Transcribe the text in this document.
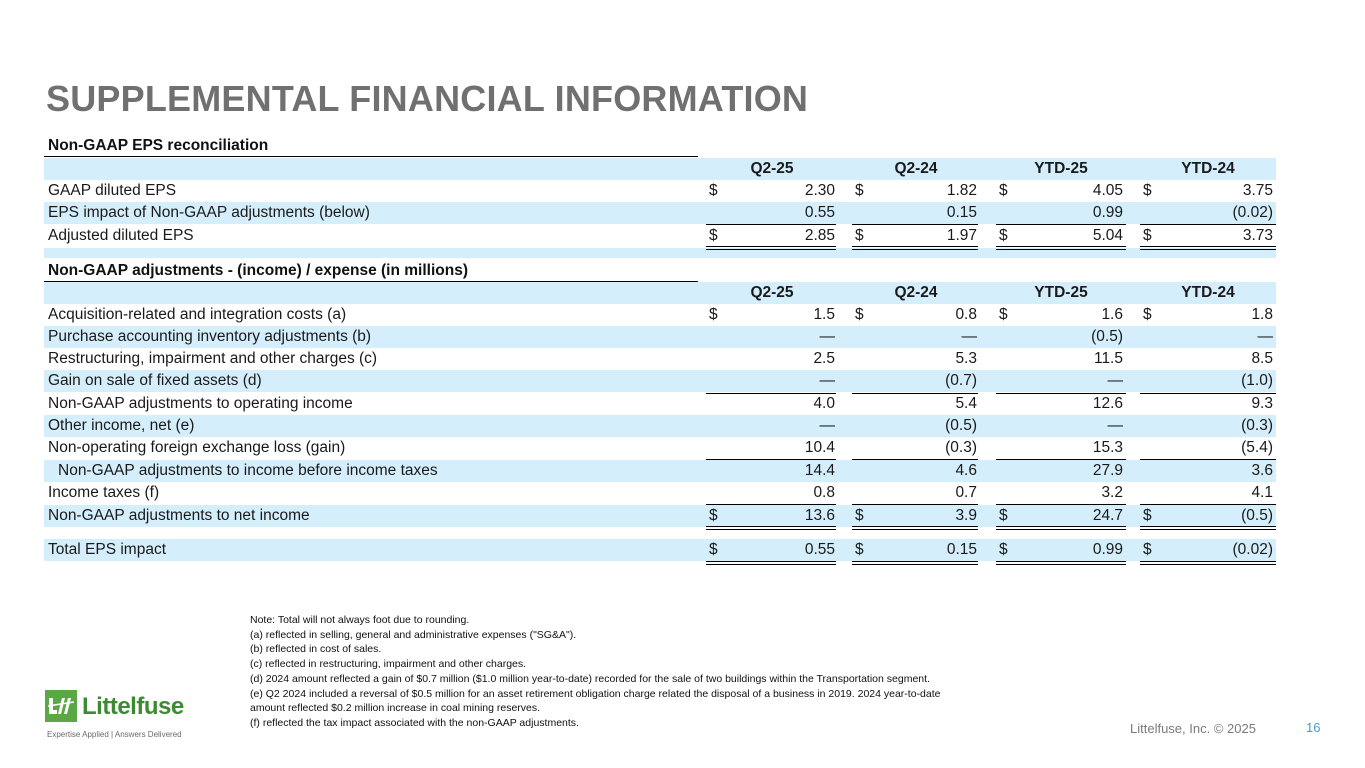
SUPPLEMENTAL FINANCIAL INFORMATION
Non-GAAP EPS reconciliation
Q2-25	Q2-24	YTD-25	YTD-24
GAAP diluted EPS	$	2.30 $	1.82 $	4.05 $	3.75
EPS impact of Non-GAAP adjustments (below)	0.55	0.15	0.99	(0.02)
Adjusted diluted EPS	$	2.85 $	1.97 $	5.04 $	3.73
Non-GAAP adjustments - (income) / expense (in millions)
Q2-25	Q2-24	YTD-25	YTD-24
Acquisition-related and integration costs (a)	$	1.5 $	0.8 $	1.6 $	1.8
Purchase accounting inventory adjustments (b)	—	—	(0.5)	—
Restructuring, impairment and other charges (c)	2.5	5.3	11.5	8.5
Gain on sale of fixed assets (d)	—	(0.7)	—	(1.0)
Non-GAAP adjustments to operating income	4.0	5.4	12.6	9.3
Other income, net (e)	—	(0.5)	—	(0.3)
Non-operating foreign exchange loss (gain)	10.4	(0.3)	15.3	(5.4)
Non-GAAP adjustments to income before income taxes	14.4	4.6	27.9	3.6
Income taxes (f)	0.8	0.7	3.2	4.1
Non-GAAP adjustments to net income	$	13.6 $	3.9 $	24.7 $	(0.5)
Total EPS impact	$	0.55 $	0.15 $	0.99 $	(0.02)
Note: Total will not always foot due to rounding.
(a) reflected in selling, general and administrative expenses ("SG&A").
(b) reflected in cost of sales.
(c) reflected in restructuring, impairment and other charges.
(d) 2024 amount reflected a gain of $0.7 million ($1.0 million year-to-date) recorded for the sale of two buildings within the Transportation segment.
(e) Q2 2024 included a reversal of $0.5 million for an asset retirement obligation charge related the disposal of a business in 2019. 2024 year-to-date
amount reflected $0.2 million increase in coal mining reserves.
(f) reflected the tax impact associated with the non-GAAP adjustments.
Littelfuse
Expertise Applied | Answers Delivered	Littelfuse, Inc. © 2025	16
